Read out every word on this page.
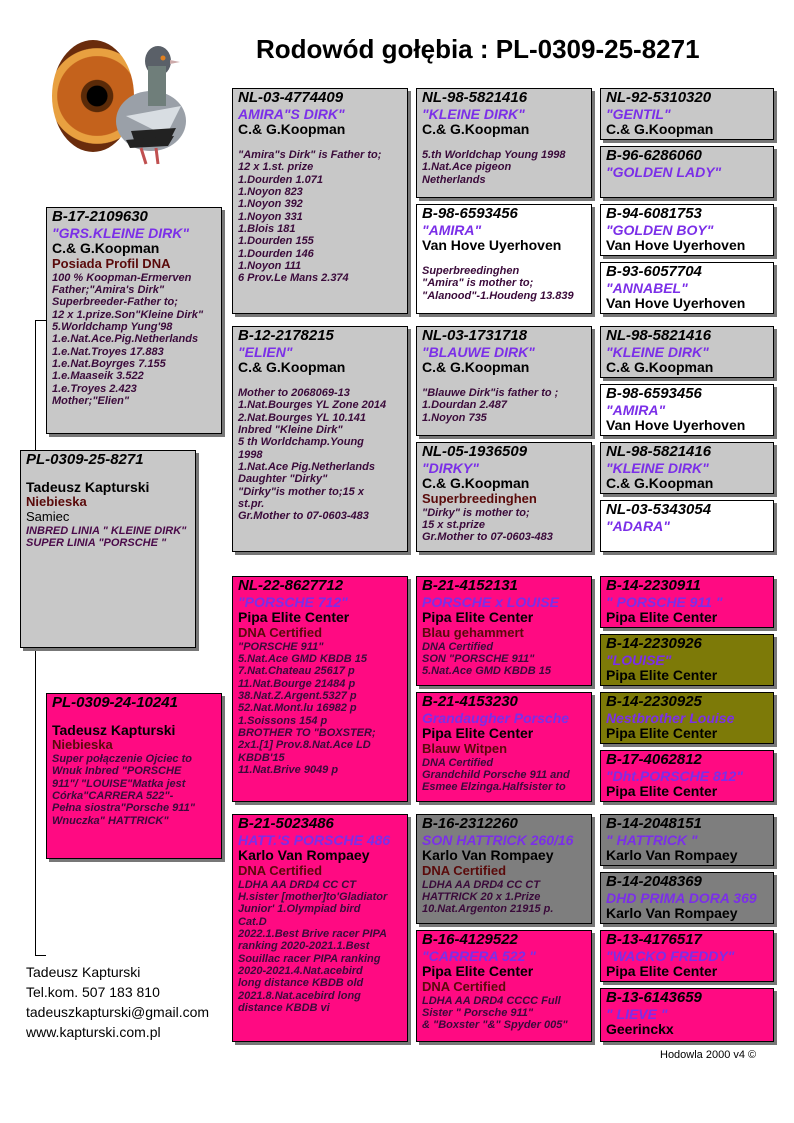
Rodowód gołębia : PL-0309-25-8271
PL-0309-25-8271
Tadeusz Kapturski
Niebieska
Samiec
INBRED LINIA " KLEINE DIRK"
SUPER LINIA "PORSCHE "
B-17-2109630
"GRS.KLEINE DIRK"
C.& G.Koopman
Posiada Profil DNA
100 % Koopman-Ermerven
Father;"Amira's Dirk"
Superbreeder-Father to;
12 x 1.prize.Son"Kleine Dirk"
5.Worldchamp Yung'98
1.e.Nat.Ace.Pig.Netherlands
1.e.Nat.Troyes 17.883
1.e.Nat.Boyrges 7.155
1.e.Maaseik 3.522
1.e.Troyes 2.423
Mother;"Elien"
PL-0309-24-10241
Tadeusz Kapturski
Niebieska
Super połączenie Ojciec to
Wnuk Inbred "PORSCHE
911"/ "LOUISE"Matka jest
Córka"CARRERA 522"-
Pełna siostra"Porsche 911"
Wnuczka" HATTRICK"
NL-03-4774409
AMIRA"S DIRK"
C.& G.Koopman
"Amira"s Dirk" is Father to;
12 x 1.st. prize
1.Dourden 1.071
1.Noyon 823
1.Noyon 392
1.Noyon 331
1.Blois 181
1.Dourden 155
1.Dourden 146
1.Noyon 111
6 Prov.Le Mans 2.374
B-12-2178215
"ELIEN"
C.& G.Koopman
Mother to 2068069-13
1.Nat.Bourges YL Zone 2014
2.Nat.Bourges YL 10.141
Inbred "Kleine Dirk"
5 th Worldchamp.Young
1998
1.Nat.Ace Pig.Netherlands
Daughter "Dirky"
"Dirky"is mother to;15 x
st.pr.
Gr.Mother to 07-0603-483
NL-22-8627712
"PORSCHE 712"
Pipa Elite Center
DNA Certified
"PORSCHE 911"
5.Nat.Ace GMD KBDB 15
7.Nat.Chateau 25617 p
11.Nat.Bourge 21484 p
38.Nat.Z.Argent.5327 p
52.Nat.Mont.lu 16982 p
1.Soissons 154 p
BROTHER TO "BOXSTER;
2x1.[1] Prov.8.Nat.Ace LD
KBDB'15
11.Nat.Brive 9049 p
B-21-5023486
HATT.'S PORSCHE 486
Karlo Van Rompaey
DNA Certified
LDHA AA DRD4 CC CT
H.sister [mother]to'Gladiator
Junior' 1.Olympiad bird
Cat.D
2022.1.Best Brive racer PIPA
ranking 2020-2021.1.Best
Souillac racer PIPA ranking
2020-2021.4.Nat.acebird
long distance KBDB old
2021.8.Nat.acebird long
distance KBDB vi
NL-98-5821416
"KLEINE DIRK"
C.& G.Koopman
5.th Worldchap Young 1998
1.Nat.Ace pigeon
Netherlands
B-98-6593456
"AMIRA"
Van Hove Uyerhoven
Superbreedinghen
"Amira" is mother to;
"Alanood"-1.Houdeng 13.839
NL-03-1731718
"BLAUWE DIRK"
C.& G.Koopman
"Blauwe Dirk"is father to ;
1.Dourdan 2.487
1.Noyon 735
NL-05-1936509
"DIRKY"
C.& G.Koopman
Superbreedinghen
"Dirky" is mother to;
15 x st.prize
Gr.Mother to 07-0603-483
B-21-4152131
PORSCHE x LOUISE
Pipa Elite Center
Blau gehammert
DNA Certified
SON "PORSCHE 911"
5.Nat.Ace GMD KBDB 15
B-21-4153230
Grandaugher Porsche
Pipa Elite Center
Blauw Witpen
DNA Certified
Grandchild Porsche 911 and
Esmee Elzinga.Halfsister to
B-16-2312260
SON HATTRICK 260/16
Karlo Van Rompaey
DNA Certified
LDHA AA DRD4 CC CT
HATTRICK 20 x 1.Prize
10.Nat.Argenton 21915 p.
B-16-4129522
"CARRERA 522 "
Pipa Elite Center
DNA Certified
LDHA AA DRD4 CCCC Full
Sister " Porsche 911"
& "Boxster "&" Spyder 005"
NL-92-5310320
"GENTIL"
C.& G.Koopman
B-96-6286060
"GOLDEN LADY"
B-94-6081753
"GOLDEN BOY"
Van Hove Uyerhoven
B-93-6057704
"ANNABEL"
Van Hove Uyerhoven
NL-98-5821416
"KLEINE DIRK"
C.& G.Koopman
B-98-6593456
"AMIRA"
Van Hove Uyerhoven
NL-98-5821416
"KLEINE DIRK"
C.& G.Koopman
NL-03-5343054
"ADARA"
B-14-2230911
" PORSCHE 911 "
Pipa Elite Center
B-14-2230926
"LOUISE"
Pipa Elite Center
B-14-2230925
Nestbrother Louise
Pipa Elite Center
B-17-4062812
"Dht.PORSCHE 812"
Pipa Elite Center
B-14-2048151
" HATTRICK "
Karlo Van Rompaey
B-14-2048369
DHD PRIMA DORA 369
Karlo Van Rompaey
B-13-4176517
"WACKO FREDDY"
Pipa Elite Center
B-13-6143659
" LIEVE "
Geerinckx
Tadeusz Kapturski
Tel.kom. 507 183 810
tadeuszkapturski@gmail.com
www.kapturski.com.pl
Hodowla 2000 v4 ©
